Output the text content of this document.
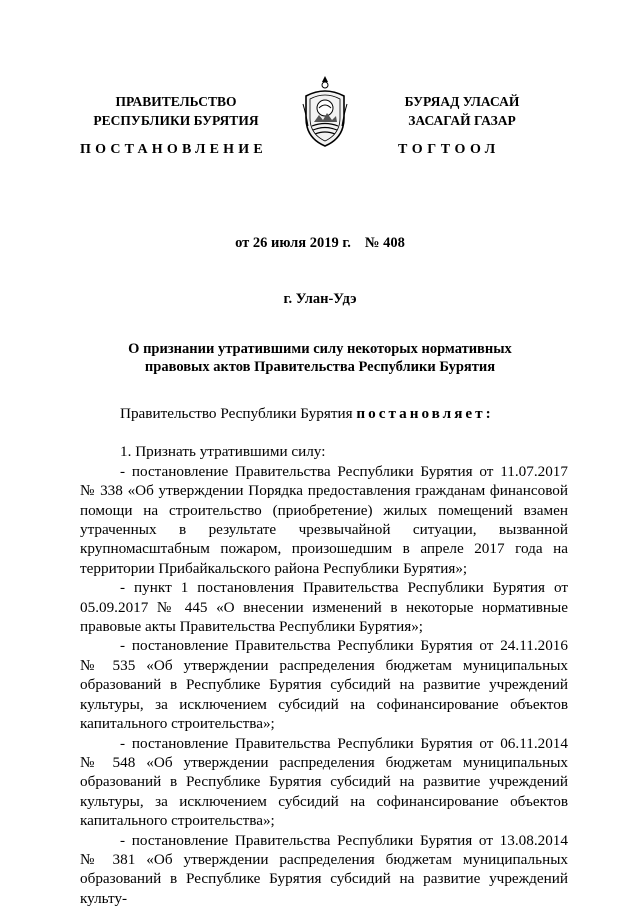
ПРАВИТЕЛЬСТВО
РЕСПУБЛИКИ БУРЯТИЯ
БУРЯАД УЛАСАЙ
ЗАСАГАЙ ГАЗАР
ПОСТАНОВЛЕНИЕ	ТОГТООЛ
от 26 июля 2019 г. № 408
г. Улан-Удэ
О признании утратившими силу некоторых нормативных
правовых актов Правительства Республики Бурятия

Правительство Республики Бурятия постановляет:

1. Признать утратившими силу:

- постановление Правительства Республики Бурятия от 11.07.2017 № 338 «Об утверждении Порядка предоставления гражданам финансовой помощи на строительство (приобретение) жилых помещений взамен утраченных в результате чрезвычайной ситуации, вызванной крупномасштабным пожаром, произошедшим в апреле 2017 года на территории Прибайкальского района Республики Бурятия»;

- пункт 1 постановления Правительства Республики Бурятия от 05.09.2017 № 445 «О внесении изменений в некоторые нормативные правовые акты Правительства Республики Бурятия»;

- постановление Правительства Республики Бурятия от 24.11.2016 № 535 «Об утверждении распределения бюджетам муниципальных образований в Республике Бурятия субсидий на развитие учреждений культуры, за исключением субсидий на софинансирование объектов капитального строительства»;

- постановление Правительства Республики Бурятия от 06.11.2014 № 548 «Об утверждении распределения бюджетам муниципальных образований в Республике Бурятия субсидий на развитие учреждений культуры, за исключением субсидий на софинансирование объектов капитального строительства»;

- постановление Правительства Республики Бурятия от 13.08.2014 № 381 «Об утверждении распределения бюджетам муниципальных образований в Республике Бурятия субсидий на развитие учреждений культу-
